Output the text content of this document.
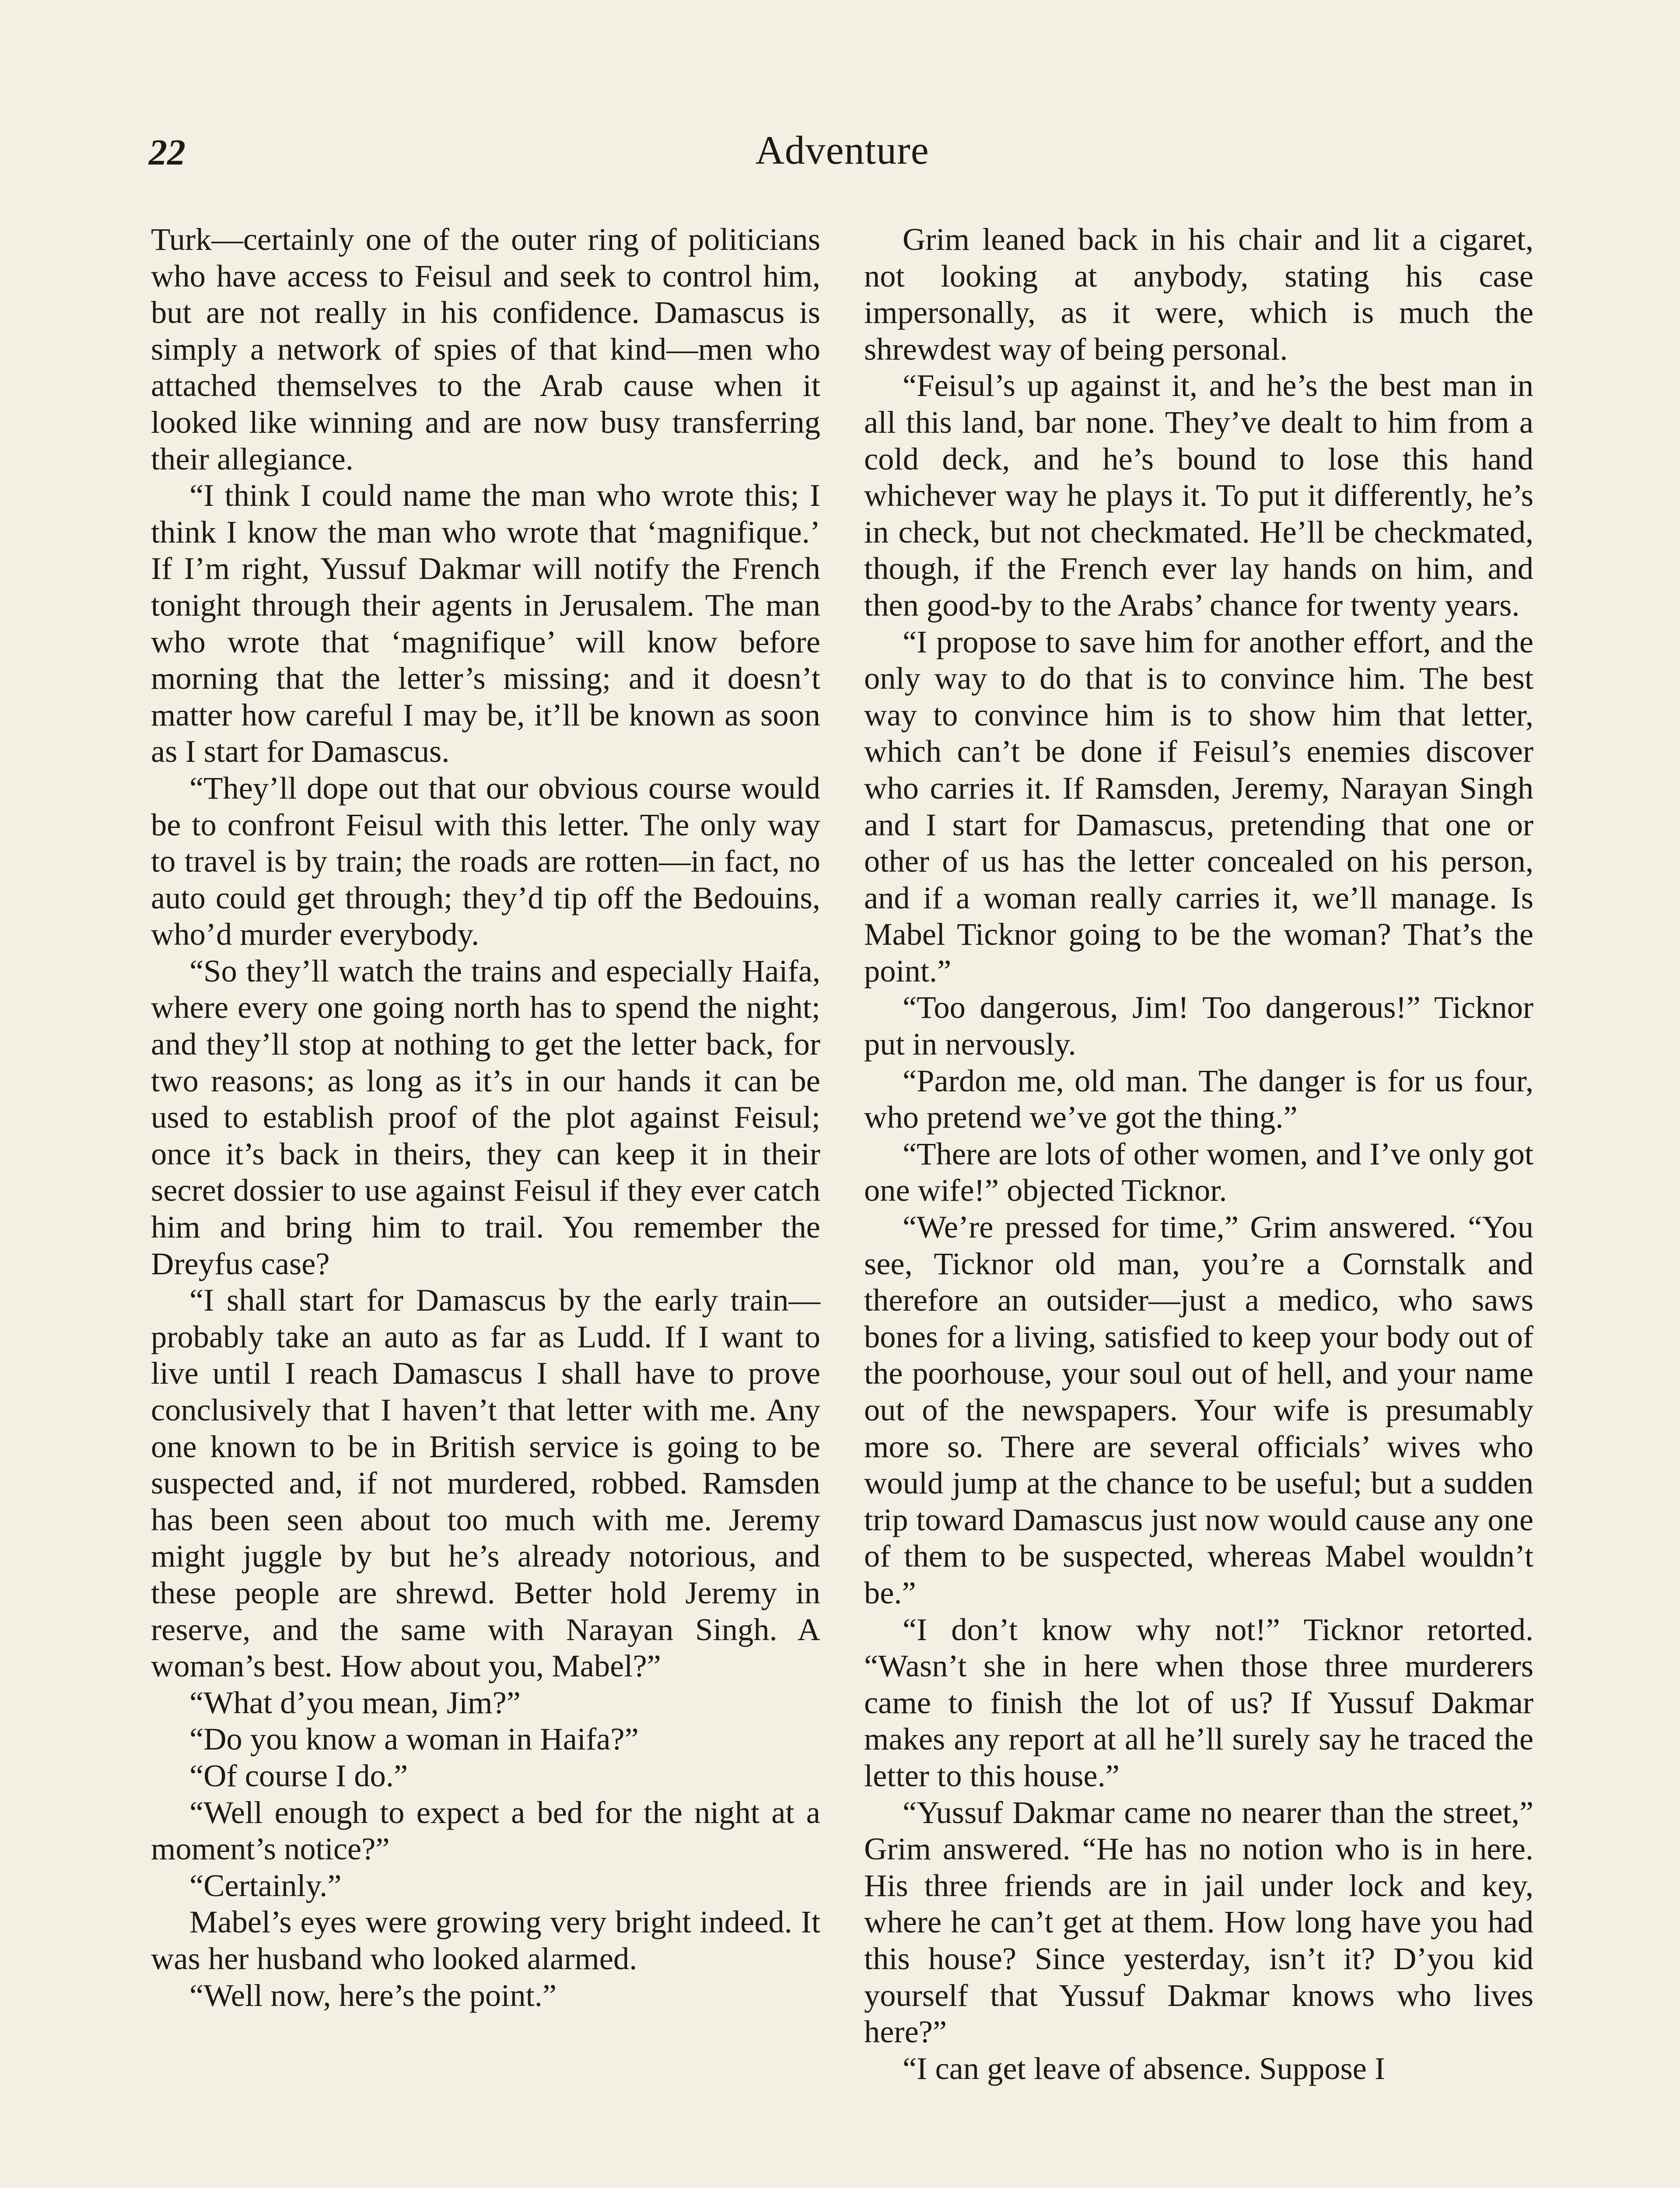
22	Adventure

Turk—certainly one of the outer ring of politicians who have access to Feisul and seek to control him, but are not really in his confidence. Damascus is simply a network of spies of that kind—men who attached themselves to the Arab cause when it looked like winning and are now busy transferring their allegiance.

“I think I could name the man who wrote this; I think I know the man who wrote that ‘magnifique.’ If I’m right, Yussuf Dakmar will notify the French tonight through their agents in Jerusalem. The man who wrote that ‘magnifique’ will know before morning that the letter’s missing; and it doesn’t matter how careful I may be, it’ll be known as soon as I start for Damascus.

“They’ll dope out that our obvious course would be to confront Feisul with this letter. The only way to travel is by train; the roads are rotten—in fact, no auto could get through; they’d tip off the Bedouins, who’d murder everybody.

“So they’ll watch the trains and especially Haifa, where every one going north has to spend the night; and they’ll stop at nothing to get the letter back, for two reasons; as long as it’s in our hands it can be used to establish proof of the plot against Feisul; once it’s back in theirs, they can keep it in their secret dossier to use against Feisul if they ever catch him and bring him to trail. You remember the Dreyfus case?

“I shall start for Damascus by the early train—probably take an auto as far as Ludd. If I want to live until I reach Damascus I shall have to prove conclusively that I haven’t that letter with me. Any one known to be in British service is going to be suspected and, if not murdered, robbed. Ramsden has been seen about too much with me. Jeremy might juggle by but he’s already notorious, and these people are shrewd. Better hold Jeremy in reserve, and the same with Narayan Singh. A woman’s best. How about you, Mabel?”

“What d’you mean, Jim?”

“Do you know a woman in Haifa?”

“Of course I do.”

“Well enough to expect a bed for the night at a moment’s notice?”

“Certainly.”

Mabel’s eyes were growing very bright indeed. It was her husband who looked alarmed.

“Well now, here’s the point.”

Grim leaned back in his chair and lit a cigaret, not looking at anybody, stating his case impersonally, as it were, which is much the shrewdest way of being personal.

“Feisul’s up against it, and he’s the best man in all this land, bar none. They’ve dealt to him from a cold deck, and he’s bound to lose this hand whichever way he plays it. To put it differently, he’s in check, but not checkmated. He’ll be checkmated, though, if the French ever lay hands on him, and then good-by to the Arabs’ chance for twenty years.

“I propose to save him for another effort, and the only way to do that is to convince him. The best way to convince him is to show him that letter, which can’t be done if Feisul’s enemies discover who carries it. If Ramsden, Jeremy, Narayan Singh and I start for Damascus, pretending that one or other of us has the letter concealed on his person, and if a woman really carries it, we’ll manage. Is Mabel Ticknor going to be the woman? That’s the point.”

“Too dangerous, Jim! Too dangerous!” Ticknor put in nervously.

“Pardon me, old man. The danger is for us four, who pretend we’ve got the thing.”

“There are lots of other women, and I’ve only got one wife!” objected Ticknor.

“We’re pressed for time,” Grim answered. “You see, Ticknor old man, you’re a Cornstalk and therefore an outsider—just a medico, who saws bones for a living, satisfied to keep your body out of the poorhouse, your soul out of hell, and your name out of the newspapers. Your wife is presumably more so. There are several officials’ wives who would jump at the chance to be useful; but a sudden trip toward Damascus just now would cause any one of them to be suspected, whereas Mabel wouldn’t be.”

“I don’t know why not!” Ticknor retorted. “Wasn’t she in here when those three murderers came to finish the lot of us? If Yussuf Dakmar makes any report at all he’ll surely say he traced the letter to this house.”

“Yussuf Dakmar came no nearer than the street,” Grim answered. “He has no notion who is in here. His three friends are in jail under lock and key, where he can’t get at them. How long have you had this house? Since yesterday, isn’t it? D’you kid yourself that Yussuf Dakmar knows who lives here?”

“I can get leave of absence. Suppose I
